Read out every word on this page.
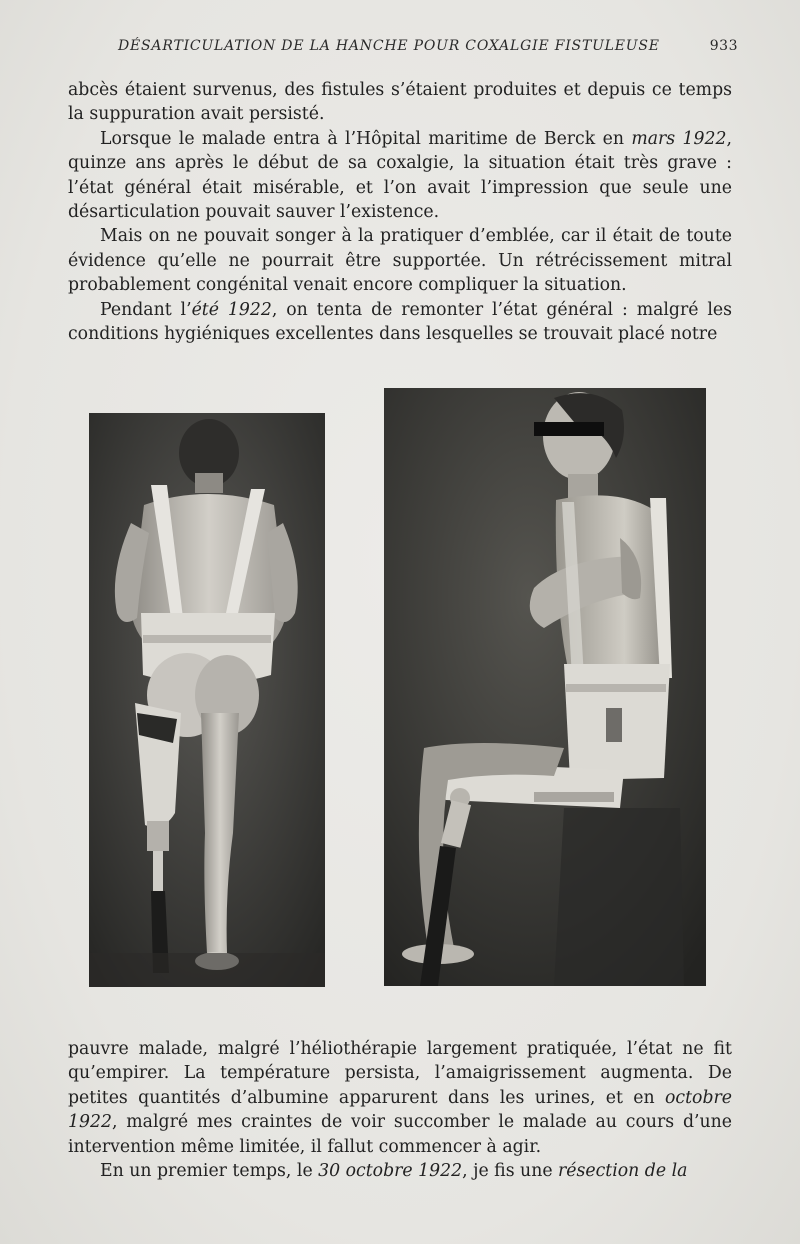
DÉSARTICULATION DE LA HANCHE POUR COXALGIE FISTULEUSE	933

abcès étaient survenus, des fistules s’étaient produites et depuis ce temps la suppuration avait persisté.

Lorsque le malade entra à l’Hôpital maritime de Berck en mars 1922, quinze ans après le début de sa coxalgie, la situation était très grave : l’état général était misérable, et l’on avait l’impression que seule une désarticulation pouvait sauver l’existence.

Mais on ne pouvait songer à la pratiquer d’emblée, car il était de toute évidence qu’elle ne pourrait être supportée. Un rétrécissement mitral probablement congénital venait encore compliquer la situation.

Pendant l’été 1922, on tenta de remonter l’état général : malgré les conditions hygiéniques excellentes dans lesquelles se trouvait placé notre

pauvre malade, malgré l’héliothérapie largement pratiquée, l’état ne fit qu’empirer. La température persista, l’amaigrissement augmenta. De petites quantités d’albumine apparurent dans les urines, et en octobre 1922, malgré mes craintes de voir succomber le malade au cours d’une intervention même limitée, il fallut commencer à agir.

En un premier temps, le 30 octobre 1922, je fis une résection de la
